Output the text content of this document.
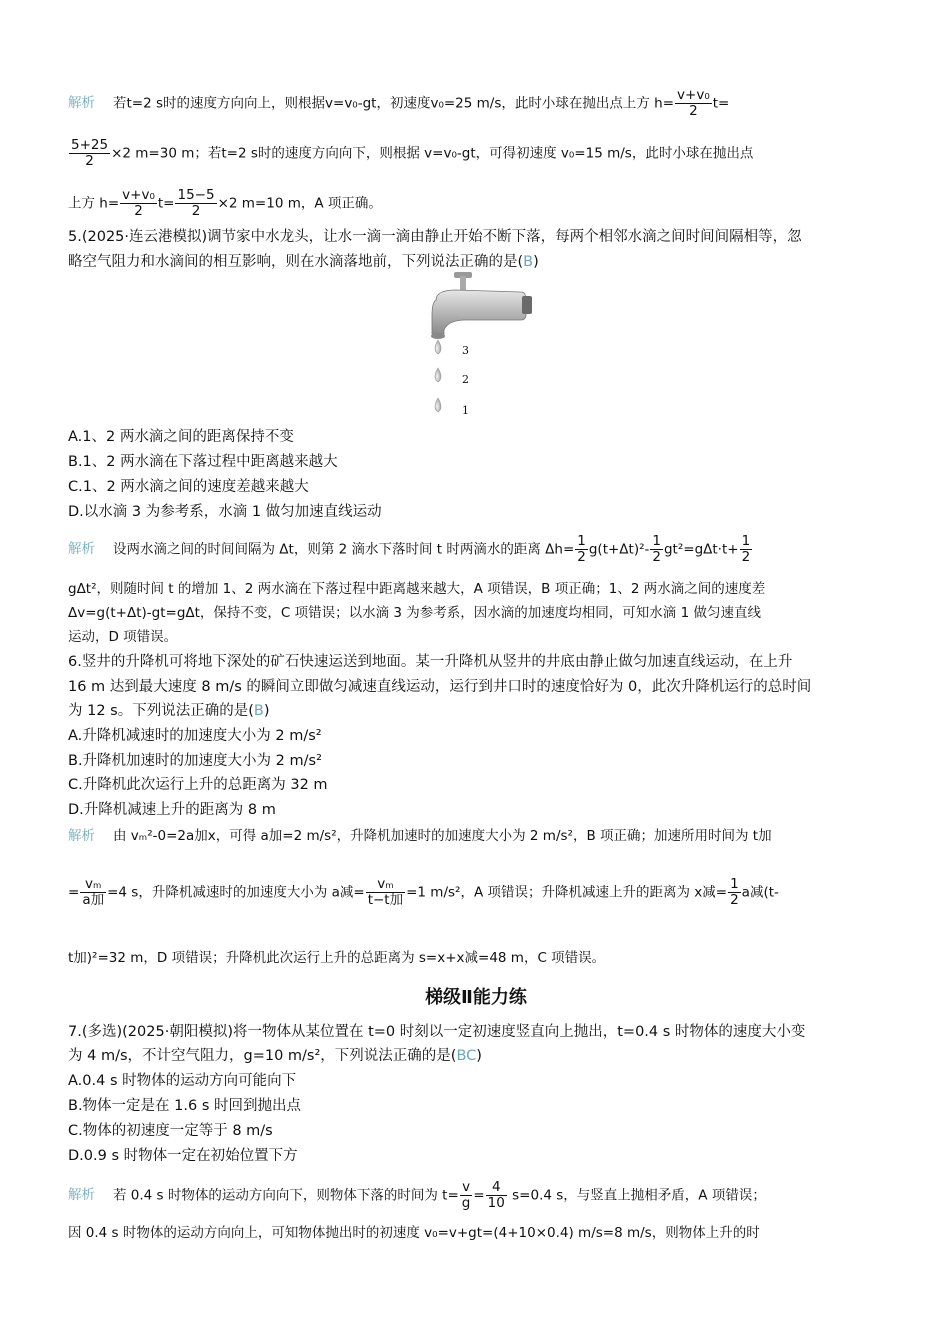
解析 若t=2 s时的速度方向向上，则根据v=v₀-gt，初速度v₀=25 m/s，此时小球在抛出点上方 $h= \frac{\text{v+v₀}}{2} t=$
$\frac{5+25}{2} \times 2$ m=30 m；若t=2 s时的速度方向向下，则根据 v=v₀-gt，可得初速度 v₀=15 m/s，此时小球在抛出点
上方 $h= \frac{\text{v+v₀}}{2} t= \frac{15-5}{2} \times 2$ m=10 m，A 项正确。
5.(2025·连云港模拟)调节家中水龙头，让水一滴一滴由静止开始不断下落，每两个相邻水滴之间时间间隔相等，忽
略空气阻力和水滴间的相互影响，则在水滴落地前，下列说法正确的是(B)
3
2
1
A.1、2 两水滴之间的距离保持不变
B.1、2 两水滴在下落过程中距离越来越大
C.1、2 两水滴之间的速度差越来越大
D.以水滴 3 为参考系，水滴 1 做匀加速直线运动
解析 设两水滴之间的时间间隔为 Δt，则第 2 滴水下落时间 t 时两滴水的距离 $\Delta h= \frac{1}{2} g(t+\Delta t)^2- \frac{1}{2} gt^2=g\Delta t\cdot t+ \frac{1}{2}$
gΔt²，则随时间 t 的增加 1、2 两水滴在下落过程中距离越来越大，A 项错误，B 项正确；1、2 两水滴之间的速度差
Δv=g(t+Δt)-gt=gΔt，保持不变，C 项错误；以水滴 3 为参考系，因水滴的加速度均相同，可知水滴 1 做匀速直线
运动，D 项错误。
6.竖井的升降机可将地下深处的矿石快速运送到地面。某一升降机从竖井的井底由静止做匀加速直线运动，在上升
16 m 达到最大速度 8 m/s 的瞬间立即做匀减速直线运动，运行到井口时的速度恰好为 0，此次升降机运行的总时间
为 12 s。下列说法正确的是(B)
A.升降机减速时的加速度大小为 2 m/s²
B.升降机加速时的加速度大小为 2 m/s²
C.升降机此次运行上升的总距离为 32 m
D.升降机减速上升的距离为 8 m
解析 由 vₘ²-0=2a加x，可得 a加=2 m/s²，升降机加速时的加速度大小为 2 m/s²，B 项正确；加速所用时间为 t加
= $\frac{\text{vₘ}}{\text{a加}} =4$ s，升降机减速时的加速度大小为 a减= $\frac{\text{vₘ}}{\text{t−t加}} =1$ m/s²，A 项错误；升降机减速上升的距离为 x减= $\frac{1}{2}$ a减(t-
t加)²=32 m，D 项错误；升降机此次运行上升的总距离为 s=x+x减=48 m，C 项错误。
梯级Ⅱ能力练
7.(多选)(2025·朝阳模拟)将一物体从某位置在 t=0 时刻以一定初速度竖直向上抛出，t=0.4 s 时物体的速度大小变
为 4 m/s，不计空气阻力，g=10 m/s²，下列说法正确的是(BC)
A.0.4 s 时物体的运动方向可能向下
B.物体一定是在 1.6 s 时回到抛出点
C.物体的初速度一定等于 8 m/s
D.0.9 s 时物体一定在初始位置下方
解析 若 0.4 s 时物体的运动方向向下，则物体下落的时间为 $t= \frac{v}{g} = \frac{4}{10} s=0.4$ s，与竖直上抛相矛盾，A 项错误；
因 0.4 s 时物体的运动方向向上，可知物体抛出时的初速度 v₀=v+gt=(4+10×0.4) m/s=8 m/s，则物体上升的时
